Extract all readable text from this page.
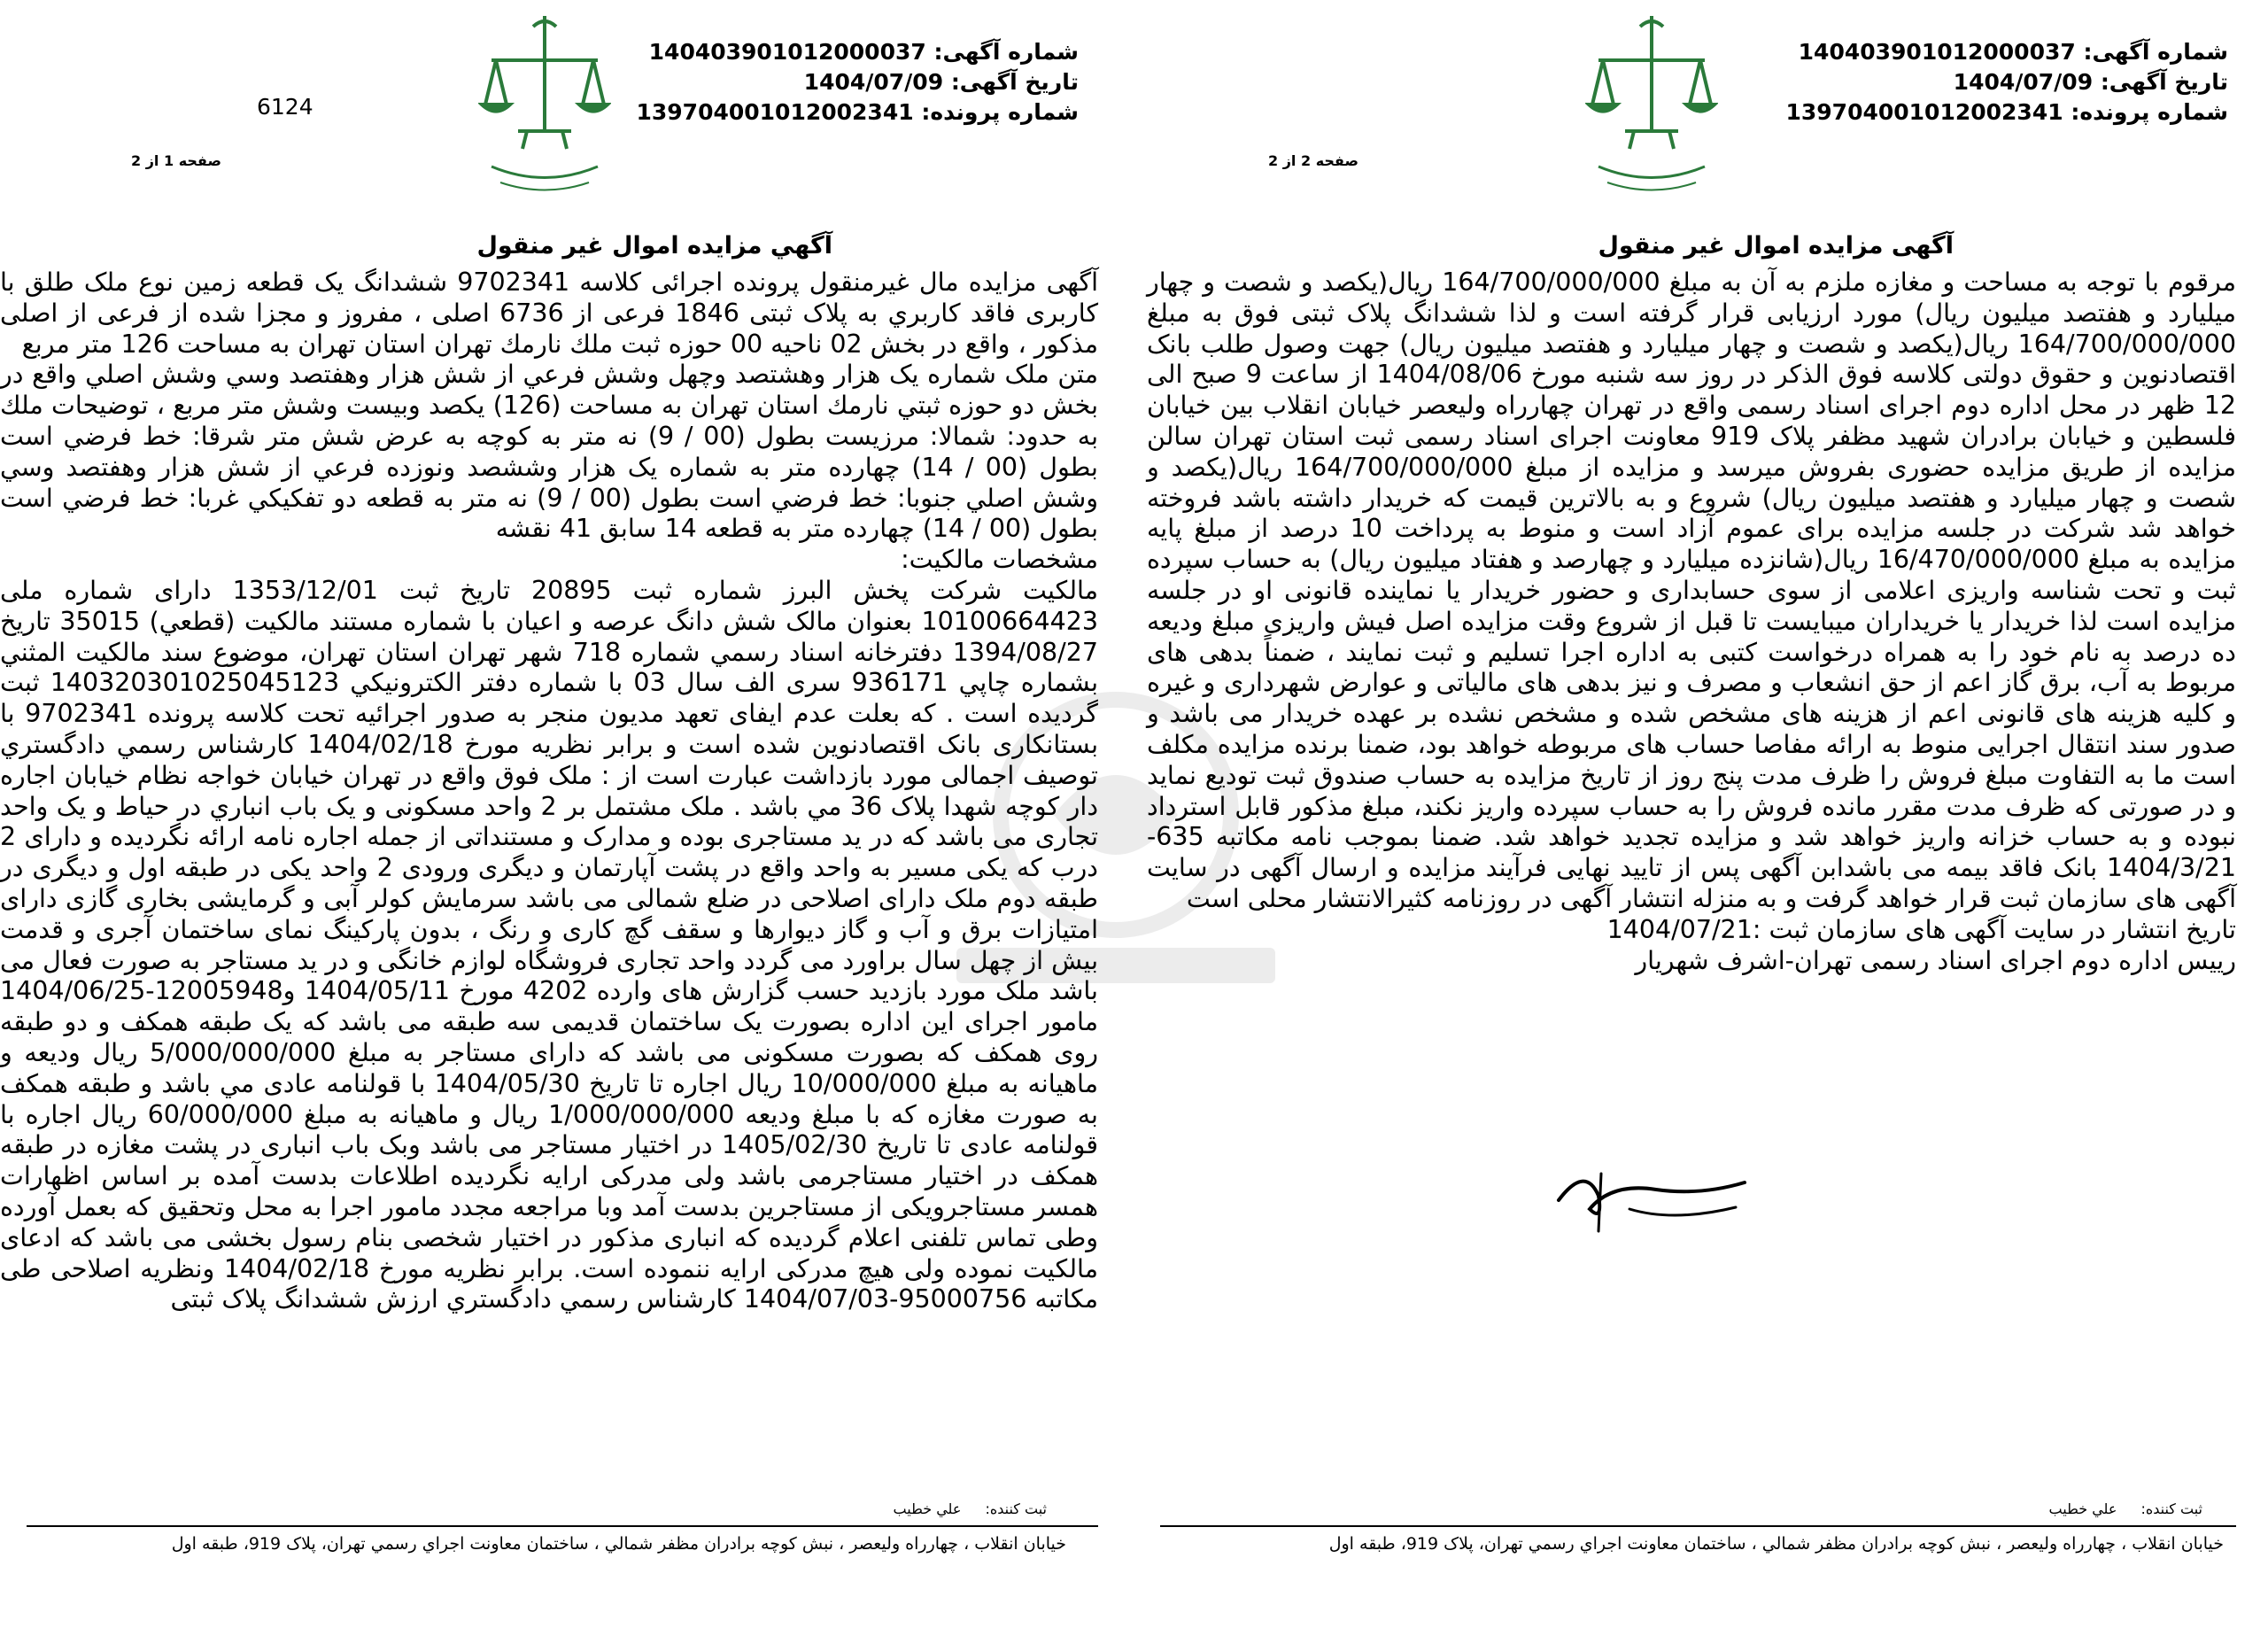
شماره آگهی: 140403901012000037
تاریخ آگهی: 1404/07/09
شماره پرونده: 139704001012002341
صفحه 2 از 2
آگهی مزایده اموال غیر منقول

مرقوم با توجه به مساحت و مغازه ملزم به آن به مبلغ 164/700/000/000 ریال(یکصد و شصت و چهار میلیارد و هفتصد میلیون ریال) مورد ارزیابی قرار گرفته است و لذا ششدانگ پلاک ثبتی فوق به مبلغ 164/700/000/000 ریال(یکصد و شصت و چهار میلیارد و هفتصد میلیون ریال) جهت وصول طلب بانک اقتصادنوین و حقوق دولتی کلاسه فوق الذکر در روز سه شنبه مورخ 1404/08/06 از ساعت 9 صبح الی 12 ظهر در محل اداره دوم اجرای اسناد رسمی واقع در تهران چهارراه ولیعصر خیابان انقلاب بین خیابان فلسطین و خیابان برادران شهید مظفر پلاک 919 معاونت اجرای اسناد رسمی ثبت استان تهران سالن مزایده از طریق مزایده حضوری بفروش میرسد و مزایده از مبلغ 164/700/000/000 ریال(یکصد و شصت و چهار میلیارد و هفتصد میلیون ریال) شروع و به بالاترین قیمت که خریدار داشته باشد فروخته خواهد شد شرکت در جلسه مزایده برای عموم آزاد است و منوط به پرداخت 10 درصد از مبلغ پایه مزایده به مبلغ 16/470/000/000 ریال(شانزده میلیارد و چهارصد و هفتاد میلیون ریال) به حساب سپرده ثبت و تحت شناسه واریزی اعلامی از سوی حسابداری و حضور خریدار یا نماینده قانونی او در جلسه مزایده است لذا خریدار یا خریداران میبایست تا قبل از شروع وقت مزایده اصل فیش واریزی مبلغ ودیعه ده درصد به نام خود را به همراه درخواست کتبی به اداره اجرا تسلیم و ثبت نمایند ، ضمناً بدهی های مربوط به آب، برق گاز اعم از حق انشعاب و مصرف و نیز بدهی های مالیاتی و عوارض شهرداری و غیره و کلیه هزینه های قانونی اعم از هزینه های مشخص شده و مشخص نشده بر عهده خریدار می باشد و صدور سند انتقال اجرایی منوط به ارائه مفاصا حساب های مربوطه خواهد بود، ضمنا برنده مزایده مکلف است ما به التفاوت مبلغ فروش را ظرف مدت پنج روز از تاریخ مزایده به حساب صندوق ثبت تودیع نماید و در صورتی که ظرف مدت مقرر مانده فروش را به حساب سپرده واریز نکند، مبلغ مذکور قابل استرداد نبوده و به حساب خزانه واریز خواهد شد و مزایده تجدید خواهد شد. ضمنا بموجب نامه مکاتبه 635-1404/3/21 بانک فاقد بیمه می باشدابن آگهی پس از تایید نهایی فرآیند مزایده و ارسال آگهی در سایت آگهی های سازمان ثبت قرار خواهد گرفت و به منزله انتشار آگهی در روزنامه کثیرالانتشار محلی است

تاریخ انتشار در سایت آگهی های سازمان ثبت :1404/07/21

رییس اداره دوم اجرای اسناد رسمی تهران-اشرف شهریار

ثبت کننده: علي خطيب
خيابان انقلاب ، چهارراه وليعصر ، نبش كوچه برادران مظفر شمالي ، ساختمان معاونت اجراي رسمي تهران، پلاک 919، طبقه اول
شماره آگهی: 140403901012000037
تاریخ آگهی: 1404/07/09
شماره پرونده: 139704001012002341
6124
صفحه 1 از 2
آگهي مزايده اموال غير منقول

آگهی مزایده مال غیرمنقول پرونده اجرائی کلاسه 9702341 ششدانگ یک قطعه زمین نوع ملک طلق با کاربری فاقد کاربري به پلاک ثبتی 1846 فرعی از 6736 اصلی ، مفروز و مجزا شده از فرعی از اصلی مذکور ، واقع در بخش 02 ناحیه 00 حوزه ثبت ملك نارمك تهران استان تهران به مساحت 126 متر مربع

متن ملک شماره یک هزار وهشتصد وچهل وشش فرعي از شش هزار وهفتصد وسي وشش اصلي واقع در بخش دو حوزه ثبتي نارمك استان تهران به مساحت (126) یکصد وبیست وشش متر مربع ، توضيحات ملك به حدود: شمالا: مرزیست بطول (00 / 9) نه متر به کوچه به عرض شش متر شرقا: خط فرضي است بطول (00 / 14) چهارده متر به شماره یک هزار وششصد ونوزده فرعي از شش هزار وهفتصد وسي وشش اصلي جنوبا: خط فرضي است بطول (00 / 9) نه متر به قطعه دو تفکیکي غربا: خط فرضي است بطول (00 / 14) چهارده متر به قطعه 14 سابق 41 نقشه

مشخصات مالكيت:

مالکیت شرکت پخش البرز شماره ثبت 20895 تاریخ ثبت 1353/12/01 دارای شماره ملی 10100664423 بعنوان مالک شش دانگ عرصه و اعیان با شماره مستند مالكيت (قطعي) 35015 تاريخ 1394/08/27 دفترخانه اسناد رسمي شماره 718 شهر تهران استان تهران، موضوع سند مالكيت المثني بشماره چاپي 936171 سری الف سال 03 با شماره دفتر الكترونيكي 140320301025045123 ثبت گردیده است . که بعلت عدم ایفای تعهد مدیون منجر به صدور اجرائیه تحت کلاسه پرونده 9702341 با بستانکاری بانک اقتصادنوین شده است و برابر نظریه مورخ 1404/02/18 کارشناس رسمي دادگستري توصیف اجمالی مورد بازداشت عبارت است از : ملک فوق واقع در تهران خیابان خواجه نظام خیابان اجاره دار کوچه شهدا پلاک 36 مي باشد . ملک مشتمل بر 2 واحد مسکونی و یک باب انباري در حیاط و یک واحد تجاری می باشد که در ید مستاجری بوده و مدارک و مستنداتی از جمله اجاره نامه ارائه نگردیده و دارای 2 درب که یکی مسیر به واحد واقع در پشت آپارتمان و دیگری ورودی 2 واحد یکی در طبقه اول و دیگری در طبقه دوم ملک دارای اصلاحی در ضلع شمالی می باشد سرمایش کولر آبی و گرمایشی بخاری گازی دارای امتیازات برق و آب و گاز دیوارها و سقف گچ کاری و رنگ ، بدون پارکینگ نمای ساختمان آجری و قدمت بیش از چهل سال براورد می گردد واحد تجاری فروشگاه لوازم خانگی و در ید مستاجر به صورت فعال می باشد ملک مورد بازدید حسب گزارش های وارده 4202 مورخ 1404/05/11 و12005948-1404/06/25 مامور اجرای این اداره بصورت یک ساختمان قدیمی سه طبقه می باشد که یک طبقه همکف و دو طبقه روی همکف که بصورت مسکونی می باشد که دارای مستاجر به مبلغ 5/000/000/000 ریال ودیعه و ماهیانه به مبلغ 10/000/000 ریال اجاره تا تاریخ 1404/05/30 با قولنامه عادی مي باشد و طبقه همکف به صورت مغازه که با مبلغ ودیعه 1/000/000/000 ریال و ماهیانه به مبلغ 60/000/000 ریال اجاره با قولنامه عادی تا تاریخ 1405/02/30 در اختیار مستاجر می باشد وبک باب انباری در پشت مغازه در طبقه همکف در اختیار مستاجرمی باشد ولی مدرکی ارایه نگردیده اطلاعات بدست آمده بر اساس اظهارات همسر مستاجرویکی از مستاجرین بدست آمد وبا مراجعه مجدد مامور اجرا به محل وتحقیق که بعمل آورده وطی تماس تلفنی اعلام گردیده که انباری مذکور در اختیار شخصی بنام رسول بخشی می باشد که ادعای مالکیت نموده ولی هیچ مدرکی ارایه ننموده است. برابر نظریه مورخ 1404/02/18 ونظریه اصلاحی طی مکاتبه 95000756-1404/07/03 کارشناس رسمي دادگستري ارزش ششدانگ پلاک ثبتی

ثبت كننده: علي خطيب
خيابان انقلاب ، چهارراه وليعصر ، نبش كوچه برادران مظفر شمالي ، ساختمان معاونت اجراي رسمي تهران، پلاک 919، طبقه اول
